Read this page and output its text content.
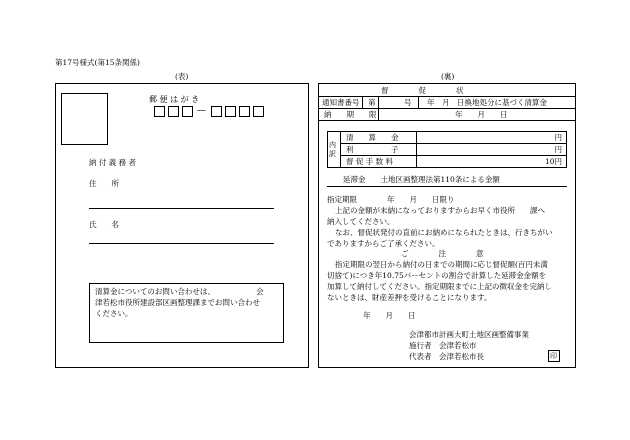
第17号様式(第15条関係)
(表)
郵 便 は が き
—
納 付 義 務 者
住　　所
氏　　名
清算金についてのお問い合わせは、　　　　　　会
津若松市役所建設部区画整理課までお問い合わせ
ください。
(裏)
督　　　　促　　　　状
通知書番号 第	号 年　月　日換地処分に基づく清算金
納　　期　　限	年　　月　　日
内訳
清　　算　　金	円
利　　　　　子	円
督 促 手 数 料	10円
延滞金　　土地区画整理法第110条による金額
指定期限　　　　年　　月　　日限り
上記の金額が未納になっておりますからお早く市役所　　課へ
納入してください。
なお、督促状発付の直前にお納めになられたときは、行きちがい
でありますからご了承ください。
ご　　　　注　　　　意
指定期限の翌日から納付の日までの期間に応じ督促額(百円未満
切捨て)につき年10.75パーセントの割合で計算した延滞金金額を
加算して納付してください。指定期限までに上記の徴収金を完納し
ないときは、財産差押を受けることになります。
年　　月　　日
会津都市計画大町土地区画整備事業
施行者　会津若松市
代表者　会津若松市長	印
